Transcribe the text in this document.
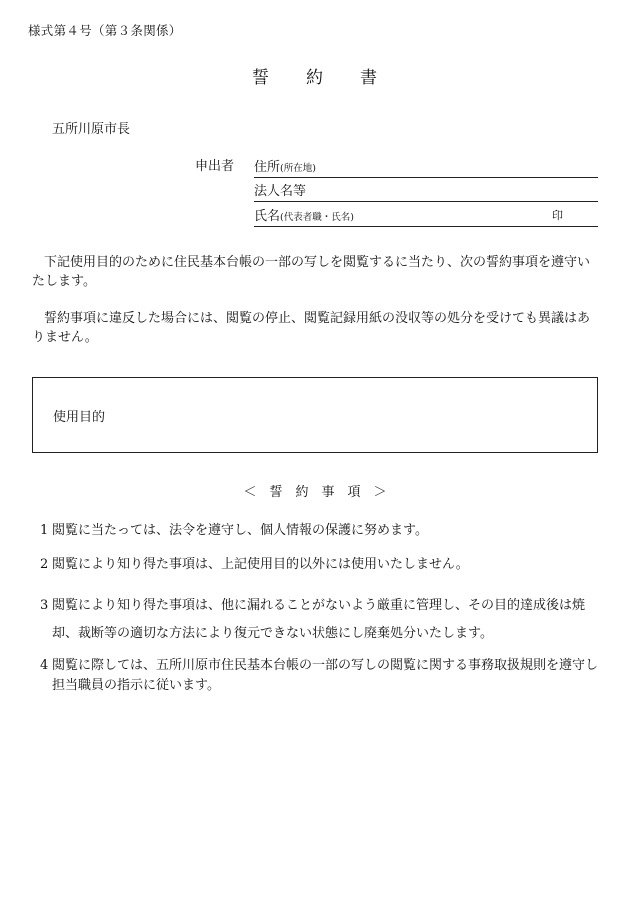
様式第４号（第３条関係）
誓　　約　　書
五所川原市長
申出者 住所(所在地)
法人名等
氏名(代表者職・氏名)	印
下記使用目的のために住民基本台帳の一部の写しを閲覧するに当たり、次の誓約事項を遵守いたします。
誓約事項に違反した場合には、閲覧の停止、閲覧記録用紙の没収等の処分を受けても異議はありません。
使用目的
＜　誓　約　事　項　＞
1 閲覧に当たっては、法令を遵守し、個人情報の保護に努めます。
2 閲覧により知り得た事項は、上記使用目的以外には使用いたしません。
3 閲覧により知り得た事項は、他に漏れることがないよう厳重に管理し、その目的達成後は焼却、裁断等の適切な方法により復元できない状態にし廃棄処分いたします。
4 閲覧に際しては、五所川原市住民基本台帳の一部の写しの閲覧に関する事務取扱規則を遵守し担当職員の指示に従います。
